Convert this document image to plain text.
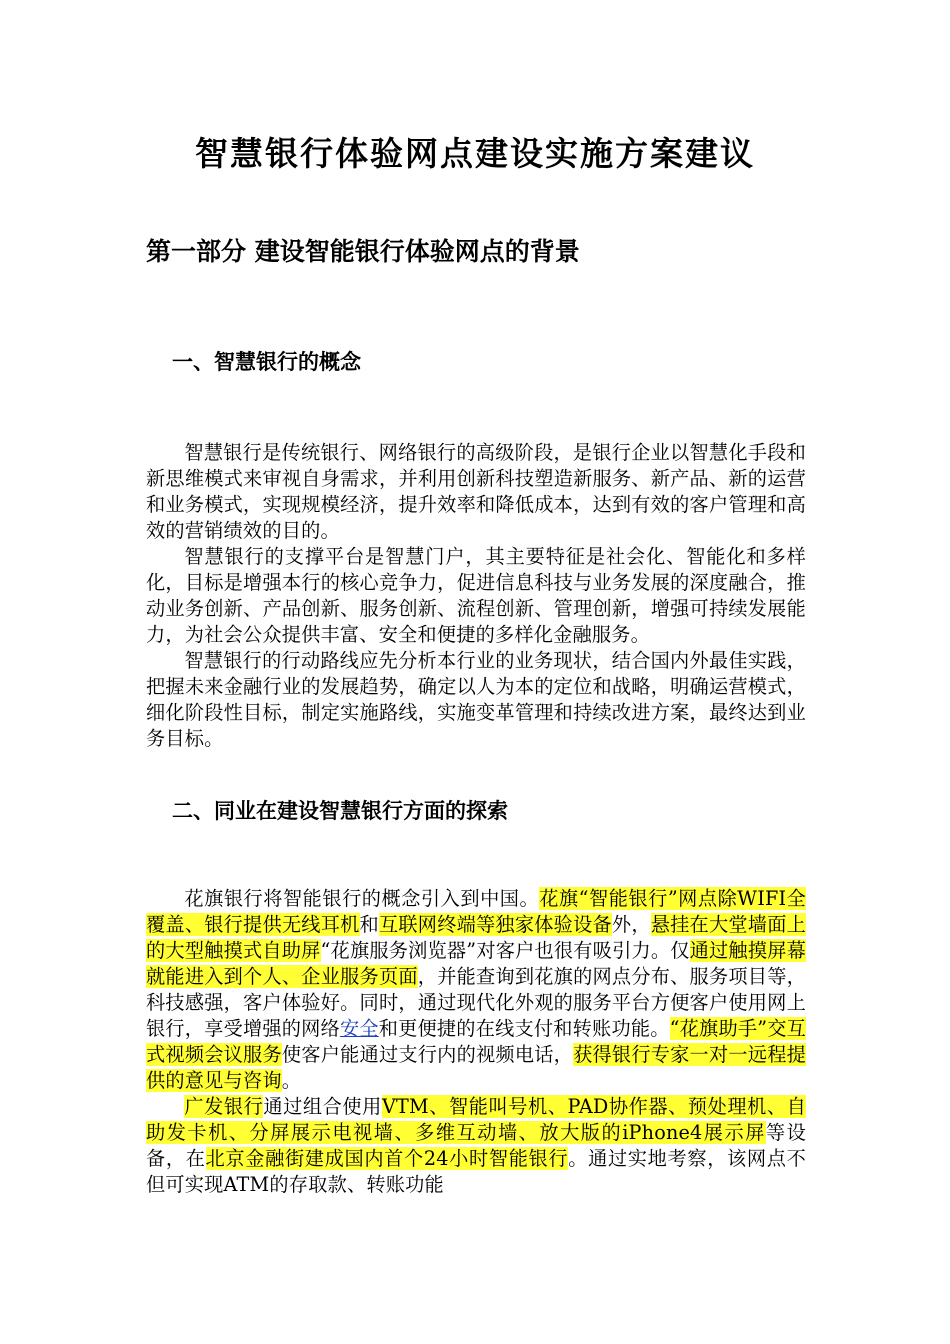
智慧银行体验网点建设实施方案建议
第一部分 建设智能银行体验网点的背景
一、智慧银行的概念

智慧银行是传统银行、网络银行的高级阶段，是银行企业以智慧化手段和新思维模式来审视自身需求，并利用创新科技塑造新服务、新产品、新的运营和业务模式，实现规模经济，提升效率和降低成本，达到有效的客户管理和高效的营销绩效的目的。

智慧银行的支撑平台是智慧门户，其主要特征是社会化、智能化和多样化，目标是增强本行的核心竞争力，促进信息科技与业务发展的深度融合，推动业务创新、产品创新、服务创新、流程创新、管理创新，增强可持续发展能力，为社会公众提供丰富、安全和便捷的多样化金融服务。

智慧银行的行动路线应先分析本行业的业务现状，结合国内外最佳实践，把握未来金融行业的发展趋势，确定以人为本的定位和战略，明确运营模式，细化阶段性目标，制定实施路线，实施变革管理和持续改进方案，最终达到业务目标。

二、同业在建设智慧银行方面的探索

花旗银行将智能银行的概念引入到中国。花旗“智能银行”网点除WIFI全覆盖、银行提供无线耳机和互联网终端等独家体验设备外，悬挂在大堂墙面上的大型触摸式自助屏“花旗服务浏览器”对客户也很有吸引力。仅通过触摸屏幕就能进入到个人、企业服务页面，并能查询到花旗的网点分布、服务项目等，科技感强，客户体验好。同时，通过现代化外观的服务平台方便客户使用网上银行，享受增强的网络安全和更便捷的在线支付和转账功能。“花旗助手”交互式视频会议服务使客户能通过支行内的视频电话，获得银行专家一对一远程提供的意见与咨询。

广发银行通过组合使用VTM、智能叫号机、PAD协作器、预处理机、自助发卡机、分屏展示电视墙、多维互动墙、放大版的iPhone4展示屏等设备，在北京金融街建成国内首个24小时智能银行。通过实地考察，该网点不但可实现ATM的存取款、转账功能
